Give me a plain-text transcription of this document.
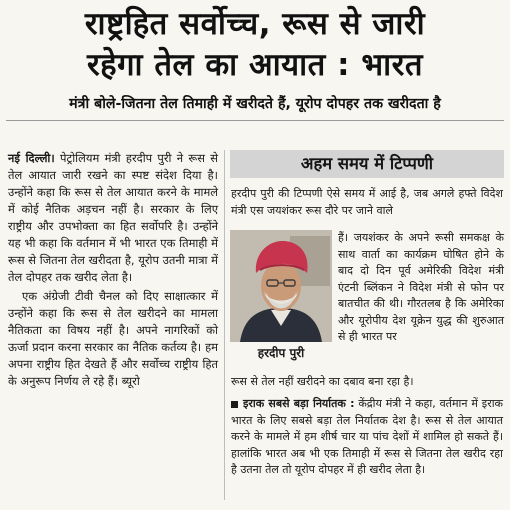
राष्ट्रहित सर्वोच्च, रूस से जारी
रहेगा तेल का आयात : भारत
मंत्री बोले-जितना तेल तिमाही में खरीदते हैं, यूरोप दोपहर तक खरीदता है

नई दिल्ली। पेट्रोलियम मंत्री हरदीप पुरी ने रूस से तेल आयात जारी रखने का स्पष्ट संदेश दिया है। उन्होंने कहा कि रूस से तेल आयात करने के मामले में कोई नैतिक अड़चन नहीं है। सरकार के लिए राष्ट्रीय और उपभोक्ता का हित सर्वोपरि है। उन्होंने यह भी कहा कि वर्तमान में भी भारत एक तिमाही में रूस से जितना तेल खरीदता है, यूरोप उतनी मात्रा में तेल दोपहर तक खरीद लेता है।

एक अंग्रेजी टीवी चैनल को दिए साक्षात्कार में उन्होंने कहा कि रूस से तेल खरीदने का मामला नैतिकता का विषय नहीं है। अपने नागरिकों को ऊर्जा प्रदान करना सरकार का नैतिक कर्तव्य है। हम अपना राष्ट्रीय हित देखते हैं और सर्वोच्च राष्ट्रीय हित के अनुरूप निर्णय ले रहे हैं। ब्यूरो

अहम समय में टिप्पणी
हरदीप पुरी की टिप्पणी ऐसे समय में आई है, जब अगले हफ्ते विदेश मंत्री एस जयशंकर रूस दौरे पर जाने वाले
हरदीप पुरी
हैं। जयशंकर के अपने रूसी समकक्ष के साथ वार्ता का कार्यक्रम घोषित होने के बाद दो दिन पूर्व अमेरिकी विदेश मंत्री एंटनी ब्लिंकन ने विदेश मंत्री से फोन पर बातचीत की थी। गौरतलब है कि अमेरिका और यूरोपीय देश यूक्रेन युद्ध की शुरुआत से ही भारत पर
रूस से तेल नहीं खरीदने का दबाव बना रहा है।
इराक सबसे बड़ा निर्यातक : केंद्रीय मंत्री ने कहा, वर्तमान में इराक भारत के लिए सबसे बड़ा तेल निर्यातक देश है। रूस से तेल आयात करने के मामले में हम शीर्ष चार या पांच देशों में शामिल हो सकते हैं। हालांकि भारत अब भी एक तिमाही में रूस से जितना तेल खरीद रहा है उतना तेल तो यूरोप दोपहर में ही खरीद लेता है।
